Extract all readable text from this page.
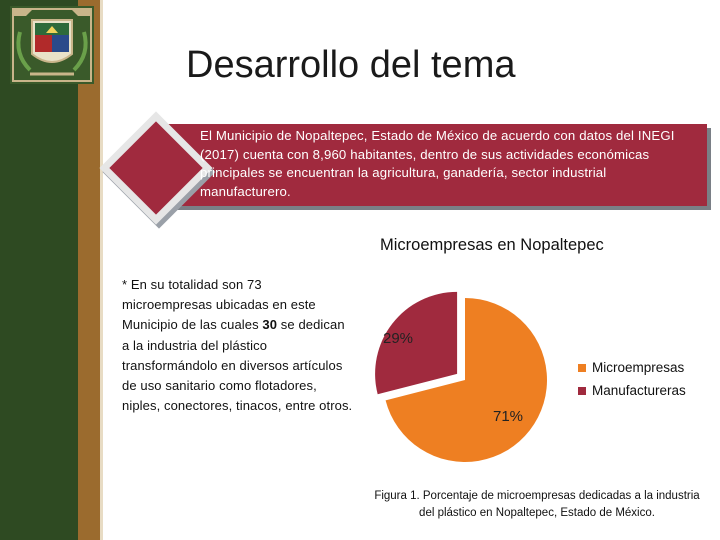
Desarrollo del tema
El Municipio de Nopaltepec, Estado de México de acuerdo con datos del INEGI (2017) cuenta con 8,960 habitantes, dentro de sus actividades económicas principales se encuentran la agricultura, ganadería, sector industrial manufacturero.
Microempresas en Nopaltepec
* En su totalidad son 73 microempresas ubicadas en este Municipio de las cuales 30 se dedican a la industria del plástico transformándolo en diversos artículos de uso sanitario como flotadores, niples, conectores, tinacos, entre otros.
29%
71%
Microempresas
Manufactureras
Figura 1. Porcentaje de microempresas dedicadas a la industria del plástico en Nopaltepec, Estado de México.
